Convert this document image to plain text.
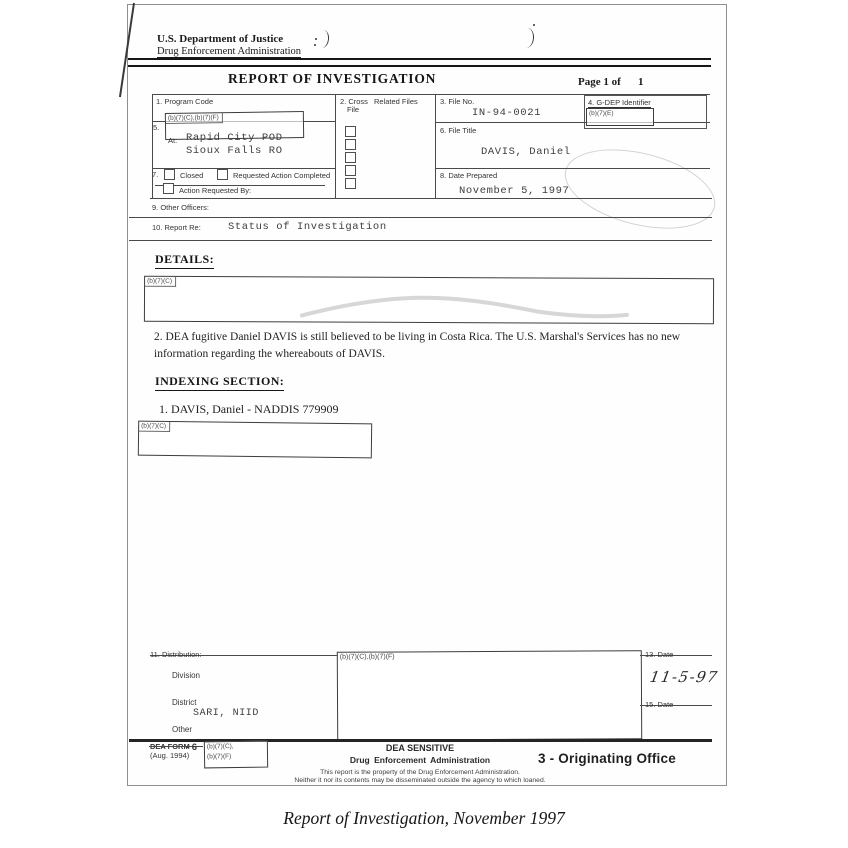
U.S. Department of Justice
Drug Enforcement Administration
REPORT OF INVESTIGATION	Page 1 of 1
1. Program Code
(b)(7)(C),(b)(7)(F)
5.
At: Rapid City POD
Sioux Falls RO
2. Cross
File
Related Files	3. File No.
IN-94-0021
4. G-DEP Identifier
(b)(7)(E)
6. File Title
DAVIS, Daniel
7.	Closed	Requested Action Completed
Action Requested By:
8. Date Prepared
November 5, 1997
9. Other Officers:
10. Report Re:	Status of Investigation
DETAILS:
(b)(7)(C)
2. DEA fugitive Daniel DAVIS is still believed to be living in Costa Rica. The U.S. Marshal's Services has no new information regarding the whereabouts of DAVIS.
INDEXING SECTION:
1. DAVIS, Daniel - NADDIS 779909
(b)(7)(C)
11. Distribution:
Division
District
SARI, NIID
Other
(b)(7)(C),(b)(7)(F)	13. Date
11-5-97
15. Date
- 6
(Aug. 1994)
(b)(7)(C),
(b)(7)(F)
DEA SENSITIVE
Drug Enforcement Administration	3 - Originating Office
This report is the property of the Drug Enforcement Administration.
Neither it nor its contents may be disseminated outside the agency to which loaned.
Report of Investigation, November 1997
